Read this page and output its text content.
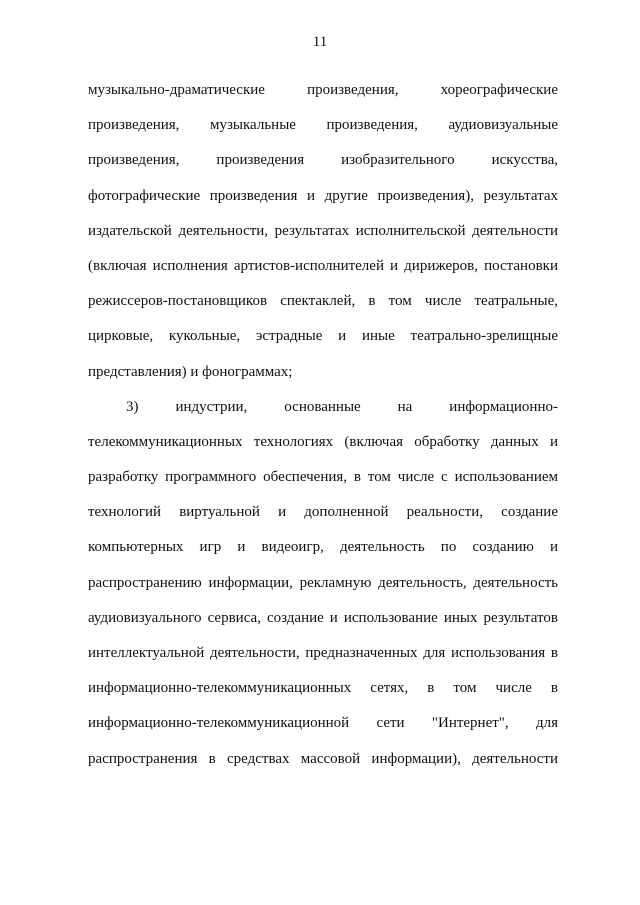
11
музыкально-драматические произведения, хореографические
произведения, музыкальные произведения, аудиовизуальные
произведения, произведения изобразительного искусства,
фотографические произведения и другие произведения), результатах
издательской деятельности, результатах исполнительской деятельности
(включая исполнения артистов-исполнителей и дирижеров, постановки
режиссеров-постановщиков спектаклей, в том числе театральные,
цирковые, кукольные, эстрадные и иные театрально-зрелищные
представления) и фонограммах;
3) индустрии, основанные на информационно-
телекоммуникационных технологиях (включая обработку данных и
разработку программного обеспечения, в том числе с использованием
технологий виртуальной и дополненной реальности, создание
компьютерных игр и видеоигр, деятельность по созданию и
распространению информации, рекламную деятельность, деятельность
аудиовизуального сервиса, создание и использование иных результатов
интеллектуальной деятельности, предназначенных для использования в
информационно-телекоммуникационных сетях, в том числе в
информационно-телекоммуникационной сети "Интернет", для
распространения в средствах массовой информации), деятельности
